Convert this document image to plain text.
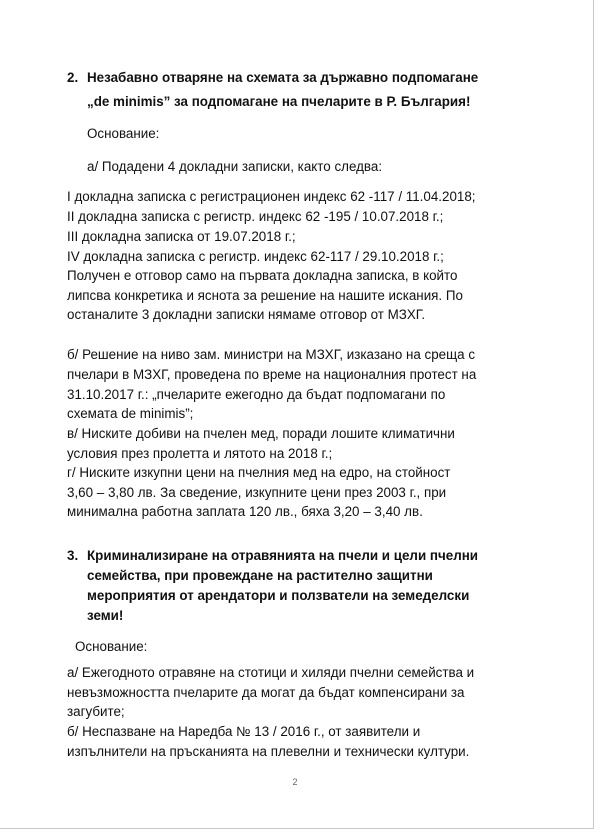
2. Незабавно отваряне на схемата за държавно подпомагане
„de minimis” за подпомагане на пчеларите в Р. България!
Основание:
а/ Подадени 4 докладни записки, както следва:
I докладна записка с регистрационен индекс 62 -117 / 11.04.2018;
II докладна записка с регистр. индекс 62 -195 / 10.07.2018 г.;
III докладна записка от 19.07.2018 г.;
IV докладна записка с регистр. индекс 62-117 / 29.10.2018 г.;
Получен е отговор само на първата докладна записка, в който
липсва конкретика и яснота за решение на нашите искания. По
останалите 3 докладни записки нямаме отговор от МЗХГ.
б/ Решение на ниво зам. министри на МЗХГ, изказано на среща с
пчелари в МЗХГ, проведена по време на националния протест на
31.10.2017 г.: „пчеларите ежегодно да бъдат подпомагани по
схемата de minimis”;
в/ Ниските добиви на пчелен мед, поради лошите климатични
условия през пролетта и лятото на 2018 г.;
г/ Ниските изкупни цени на пчелния мед на едро, на стойност
3,60 – 3,80 лв. За сведение, изкупните цени през 2003 г., при
минимална работна заплата 120 лв., бяха 3,20 – 3,40 лв.
3. Криминализиране на отравянията на пчели и цели пчелни
семейства, при провеждане на растително защитни
мероприятия от арендатори и ползватели на земеделски
земи!
Основание:
а/ Ежегодното отравяне на стотици и хиляди пчелни семейства и
невъзможността пчеларите да могат да бъдат компенсирани за
загубите;
б/ Неспазване на Наредба № 13 / 2016 г., от заявители и
изпълнители на пръсканията на плевелни и технически култури.
2
